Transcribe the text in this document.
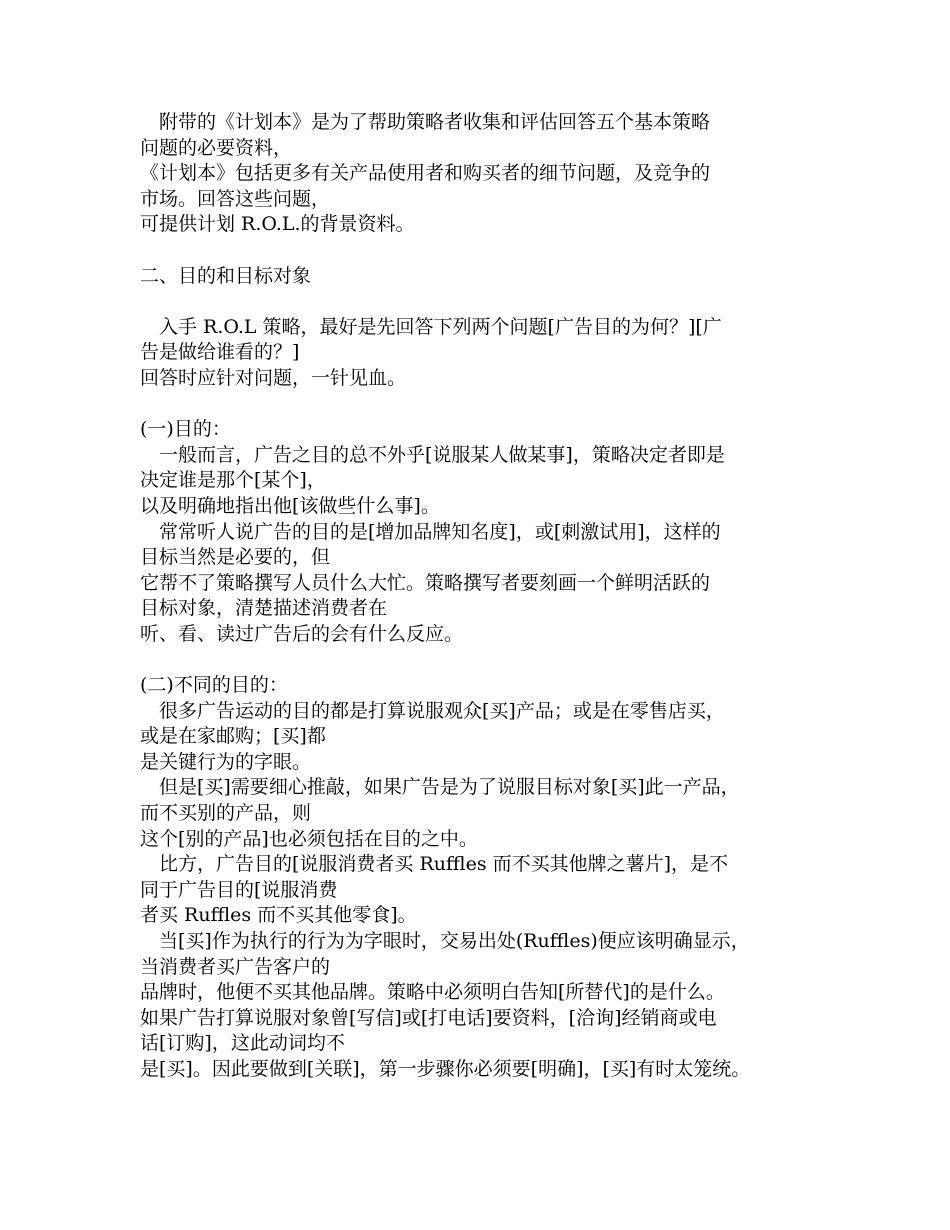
　附带的《计划本》是为了帮助策略者收集和评估回答五个基本策略
问题的必要资料，
《计划本》包括更多有关产品使用者和购买者的细节问题，及竞争的
市场。回答这些问题，
可提供计划 R.O.L.的背景资料。
二、目的和目标对象
　入手 R.O.L 策略，最好是先回答下列两个问题[广告目的为何？][广
告是做给谁看的？]
回答时应针对问题，一针见血。
(一)目的：
　一般而言，广告之目的总不外乎[说服某人做某事]，策略决定者即是
决定谁是那个[某个]，
以及明确地指出他[该做些什么事]。
　常常听人说广告的目的是[增加品牌知名度]，或[刺激试用]，这样的
目标当然是必要的，但
它帮不了策略撰写人员什么大忙。策略撰写者要刻画一个鲜明活跃的
目标对象，清楚描述消费者在
听、看、读过广告后的会有什么反应。
(二)不同的目的：
　很多广告运动的目的都是打算说服观众[买]产品；或是在零售店买，
或是在家邮购；[买]都
是关键行为的字眼。
　但是[买]需要细心推敲，如果广告是为了说服目标对象[买]此一产品，
而不买别的产品，则
这个[别的产品]也必须包括在目的之中。
　比方，广告目的[说服消费者买 Ruffles 而不买其他牌之薯片]，是不
同于广告目的[说服消费
者买 Ruffles 而不买其他零食]。
　当[买]作为执行的行为为字眼时，交易出处(Ruffles)便应该明确显示，
当消费者买广告客户的
品牌时，他便不买其他品牌。策略中必须明白告知[所替代]的是什么。
如果广告打算说服对象曾[写信]或[打电话]要资料，[洽询]经销商或电
话[订购]，这此动词均不
是[买]。因此要做到[关联]，第一步骤你必须要[明确]，[买]有时太笼统。
